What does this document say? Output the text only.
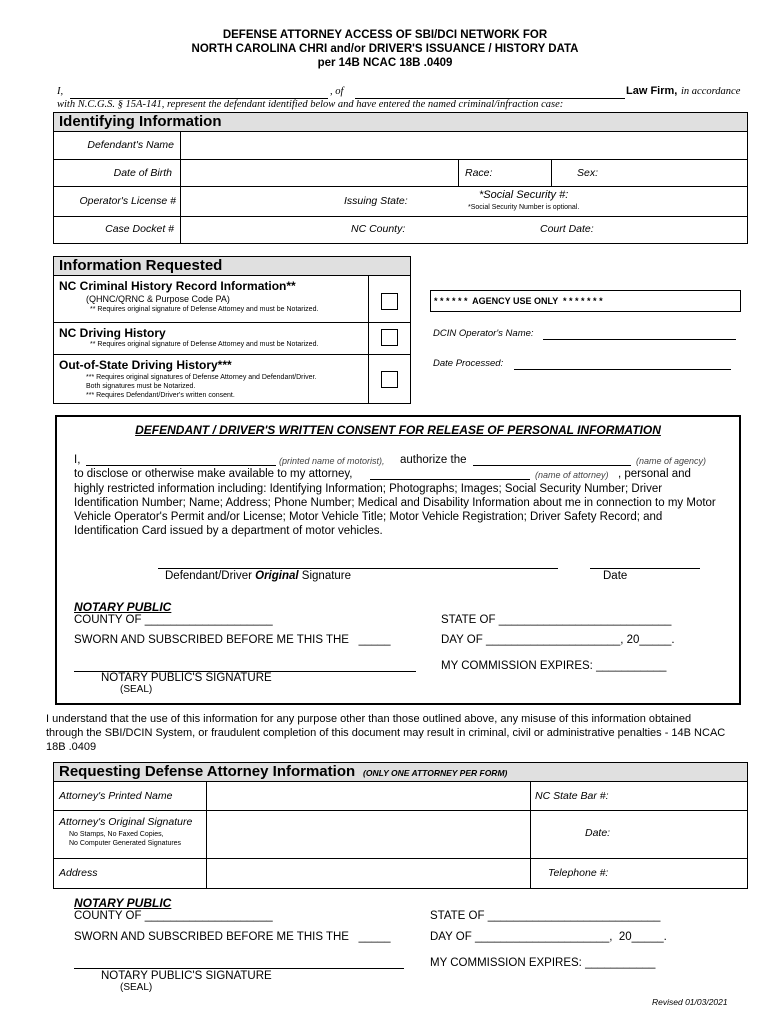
DEFENSE ATTORNEY ACCESS OF SBI/DCI NETWORK FOR
NORTH CAROLINA CHRI and/or DRIVER'S ISSUANCE / HISTORY DATA
per 14B NCAC 18B .0409
I,	, of	Law Firm, in accordance
with N.C.G.S. § 15A-141, represent the defendant identified below and have entered the named criminal/infraction case:
Identifying Information
Defendant's Name
Date of Birth	Race:	Sex:
Operator's License #	Issuing State:	*Social Security #:
*Social Security Number is optional.
Case Docket #	NC County:	Court Date:
Information Requested
NC Criminal History Record Information**
(QHNC/QRNC & Purpose Code PA)
** Requires original signature of Defense Attorney and must be Notarized.
NC Driving History
** Requires original signature of Defense Attorney and must be Notarized.
Out-of-State Driving History***
*** Requires original signatures of Defense Attorney and Defendant/Driver.
Both signatures must be Notarized.
*** Requires Defendant/Driver's written consent.
* * * * * *  AGENCY USE ONLY  * * * * * * *
DCIN Operator's Name:
Date Processed:
DEFENDANT / DRIVER'S WRITTEN CONSENT FOR RELEASE OF PERSONAL INFORMATION
I,	(printed name of motorist), authorize the	(name of agency)
to disclose or otherwise make available to my attorney,	(name of attorney) , personal and
highly restricted information including: Identifying Information; Photographs; Images; Social Security Number; Driver Identification Number; Name; Address; Phone Number; Medical and Disability Information about me in connection to my Motor Vehicle Operator's Permit and/or License; Motor Vehicle Title; Motor Vehicle Registration; Driver Safety Record; and Identification Card issued by a department of motor vehicles.
Defendant/Driver Original Signature	Date
NOTARY PUBLIC
COUNTY OF ____________________	STATE OF ___________________________
SWORN AND SUBSCRIBED BEFORE ME THIS THE   _____	DAY OF _____________________, 20_____.
MY COMMISSION EXPIRES: ___________
NOTARY PUBLIC'S SIGNATURE
(SEAL)
I understand that the use of this information for any purpose other than those outlined above, any misuse of this information obtained through the SBI/DCIN System, or fraudulent completion of this document may result in criminal, civil or administrative penalties - 14B NCAC 18B .0409
Requesting Defense Attorney Information (ONLY ONE ATTORNEY PER FORM)
Attorney's Printed Name	NC State Bar #:
Attorney's Original Signature
No Stamps, No Faxed Copies,
No Computer Generated Signatures
Date:
Address	Telephone #:
NOTARY PUBLIC
COUNTY OF ____________________	STATE OF ___________________________
SWORN AND SUBSCRIBED BEFORE ME THIS THE   _____	DAY OF _____________________,  20_____.
MY COMMISSION EXPIRES: ___________
NOTARY PUBLIC'S SIGNATURE
(SEAL)
Revised 01/03/2021
